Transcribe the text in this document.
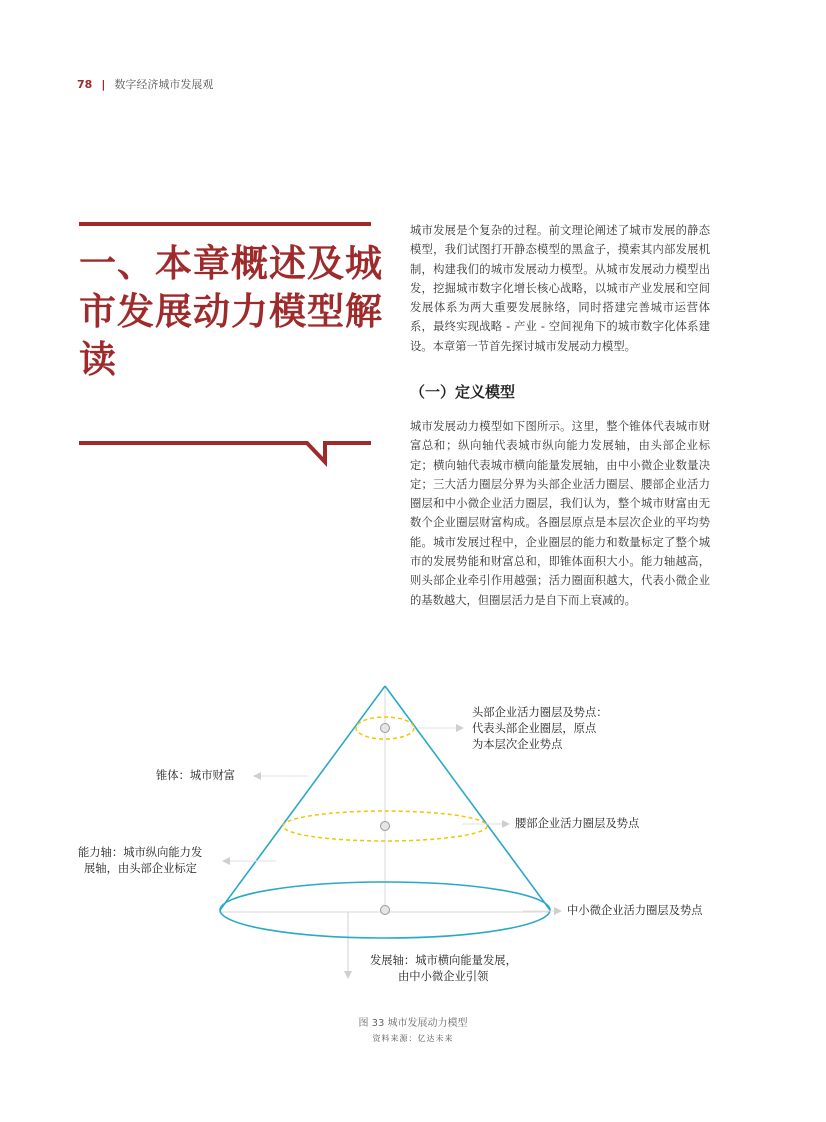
78 | 数字经济城市发展观
一、本章概述及城市发展动力模型解读
城市发展是个复杂的过程。前文理论阐述了城市发展的静态模型，我们试图打开静态模型的黑盒子，摸索其内部发展机制，构建我们的城市发展动力模型。从城市发展动力模型出发，挖掘城市数字化增长核心战略，以城市产业发展和空间发展体系为两大重要发展脉络，同时搭建完善城市运营体系，最终实现战略 - 产业 - 空间视角下的城市数字化体系建设。本章第一节首先探讨城市发展动力模型。
（一）定义模型
城市发展动力模型如下图所示。这里，整个锥体代表城市财富总和；纵向轴代表城市纵向能力发展轴，由头部企业标定；横向轴代表城市横向能量发展轴，由中小微企业数量决定；三大活力圈层分界为头部企业活力圈层、腰部企业活力圈层和中小微企业活力圈层，我们认为，整个城市财富由无数个企业圈层财富构成。各圈层原点是本层次企业的平均势能。城市发展过程中，企业圈层的能力和数量标定了整个城市的发展势能和财富总和，即锥体面积大小。能力轴越高，则头部企业牵引作用越强；活力圈面积越大，代表小微企业的基数越大，但圈层活力是自下而上衰减的。
锥体：城市财富
能力轴：城市纵向能力发
展轴，由头部企业标定
头部企业活力圈层及势点：
代表头部企业圈层，原点
为本层次企业势点
腰部企业活力圈层及势点
中小微企业活力圈层及势点
发展轴：城市横向能量发展，
由中小微企业引领
图 33 城市发展动力模型
资料来源：亿达未来
